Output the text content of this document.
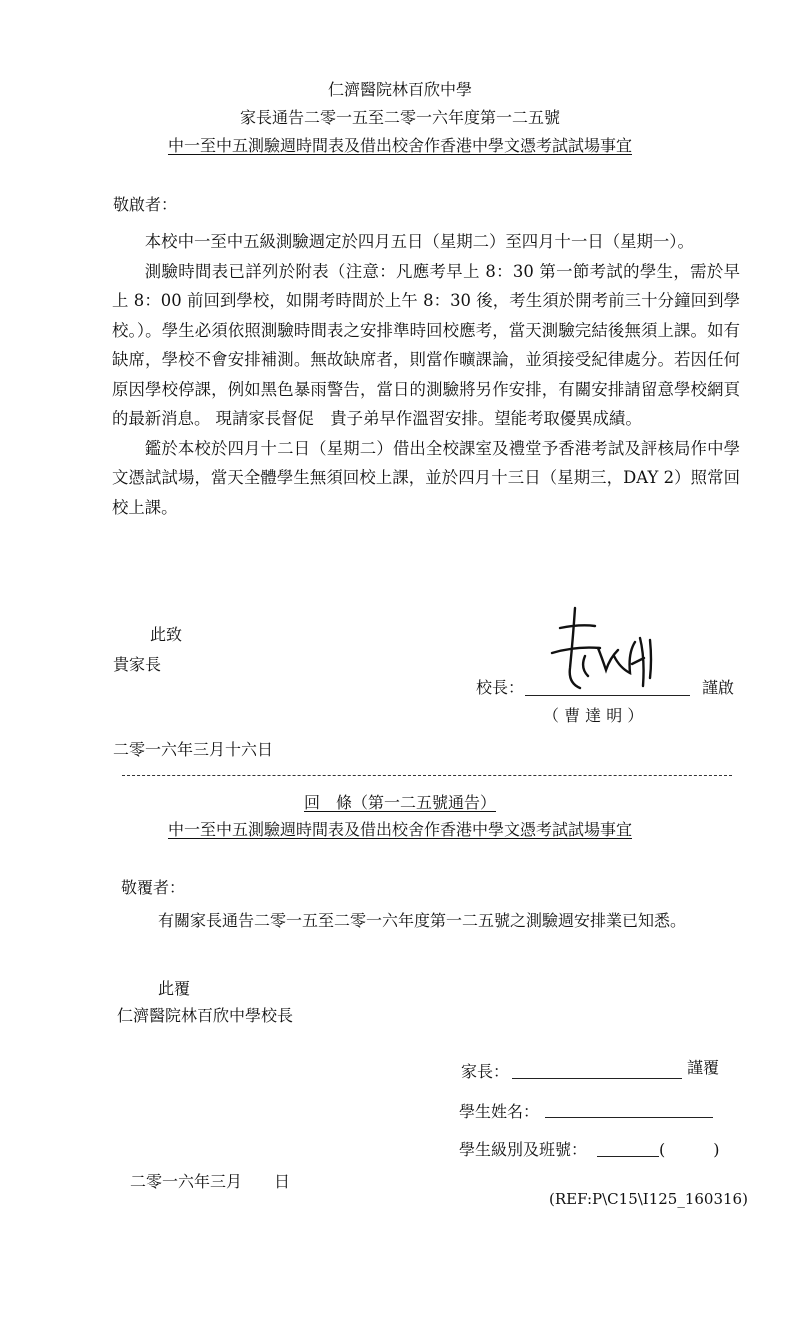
仁濟醫院林百欣中學
家長通告二零一五至二零一六年度第一二五號
中一至中五測驗週時間表及借出校舍作香港中學文憑考試試場事宜
敬啟者：

本校中一至中五級測驗週定於四月五日（星期二）至四月十一日（星期一）。

測驗時間表已詳列於附表（注意：凡應考早上 8：30 第一節考試的學生，需於早上 8：00 前回到學校，如開考時間於上午 8：30 後，考生須於開考前三十分鐘回到學校。）。學生必須依照測驗時間表之安排準時回校應考，當天測驗完結後無須上課。如有缺席，學校不會安排補測。無故缺席者，則當作曠課論，並須接受紀律處分。若因任何原因學校停課，例如黑色暴雨警告，當日的測驗將另作安排，有關安排請留意學校網頁的最新消息。 現請家長督促　貴子弟早作溫習安排。望能考取優異成績。

鑑於本校於四月十二日（星期二）借出全校課室及禮堂予香港考試及評核局作中學文憑試試場，當天全體學生無須回校上課，並於四月十三日（星期三，DAY 2）照常回校上課。

此致
貴家長
校長：	謹啟
（ 曹 達 明 ）
二零一六年三月十六日
回　條（第一二五號通告）
中一至中五測驗週時間表及借出校舍作香港中學文憑考試試場事宜
敬覆者：
有關家長通告二零一五至二零一六年度第一二五號之測驗週安排業已知悉。
此覆
仁濟醫院林百欣中學校長
家長：	謹覆
學生姓名：
學生級別及班號：	(　　　)
二零一六年三月　　日
(REF:P\C15\I125_160316)
